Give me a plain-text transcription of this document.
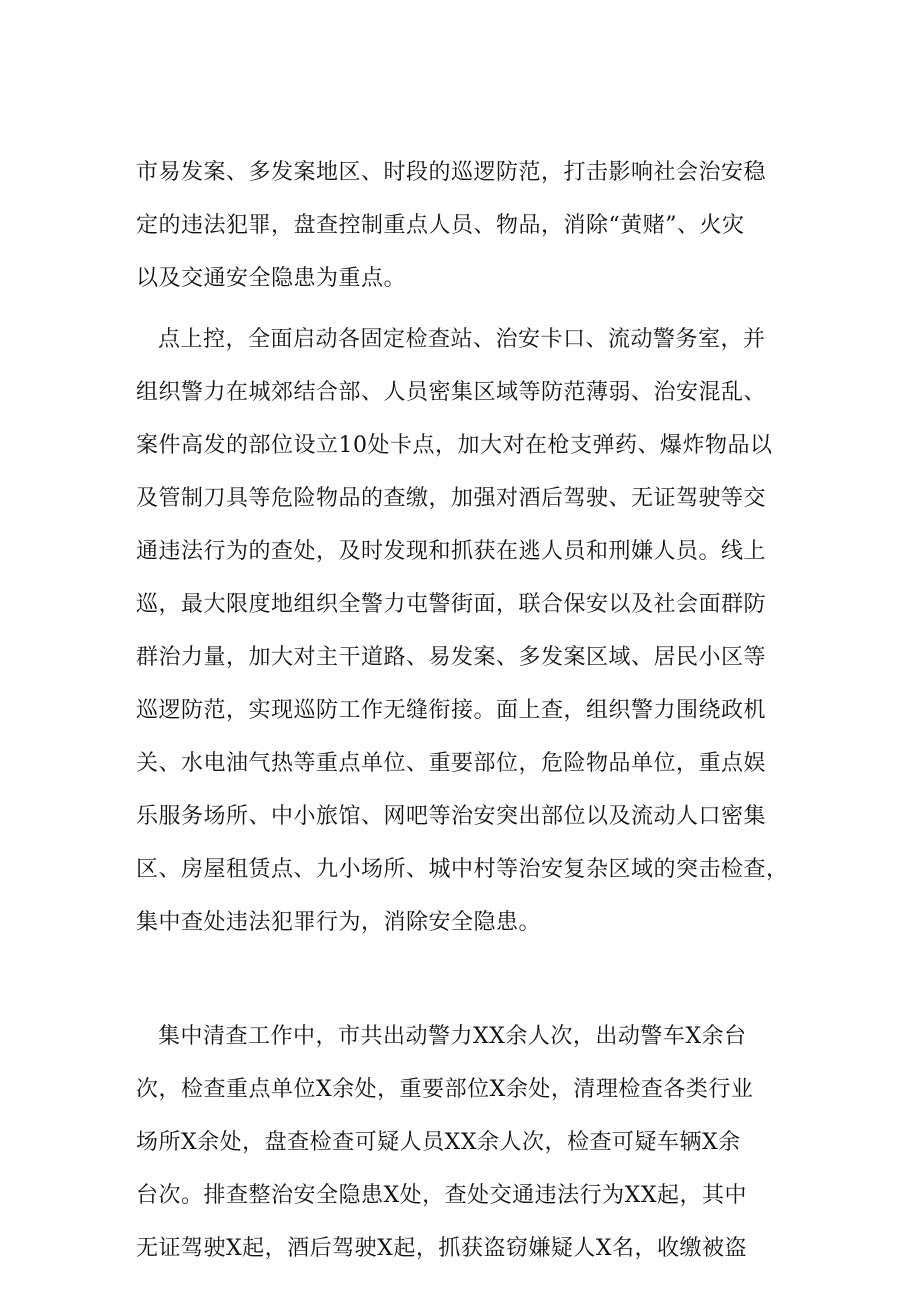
市易发案、多发案地区、时段的巡逻防范，打击影响社会治安稳
定的违法犯罪，盘查控制重点人员、物品，消除“黄赌”、火灾
以及交通安全隐患为重点。
点上控，全面启动各固定检查站、治安卡口、流动警务室，并
组织警力在城郊结合部、人员密集区域等防范薄弱、治安混乱、
案件高发的部位设立10处卡点，加大对在枪支弹药、爆炸物品以
及管制刀具等危险物品的查缴，加强对酒后驾驶、无证驾驶等交
通违法行为的查处，及时发现和抓获在逃人员和刑嫌人员。线上
巡，最大限度地组织全警力屯警街面，联合保安以及社会面群防
群治力量，加大对主干道路、易发案、多发案区域、居民小区等
巡逻防范，实现巡防工作无缝衔接。面上查，组织警力围绕政机
关、水电油气热等重点单位、重要部位，危险物品单位，重点娱
乐服务场所、中小旅馆、网吧等治安突出部位以及流动人口密集
区、房屋租赁点、九小场所、城中村等治安复杂区域的突击检查，
集中查处违法犯罪行为，消除安全隐患。
集中清查工作中，市共出动警力XX余人次，出动警车X余台
次，检查重点单位X余处，重要部位X余处，清理检查各类行业
场所X余处，盘查检查可疑人员XX余人次，检查可疑车辆X余
台次。排查整治安全隐患X处，查处交通违法行为XX起，其中
无证驾驶X起，酒后驾驶X起，抓获盗窃嫌疑人X名，收缴被盗
